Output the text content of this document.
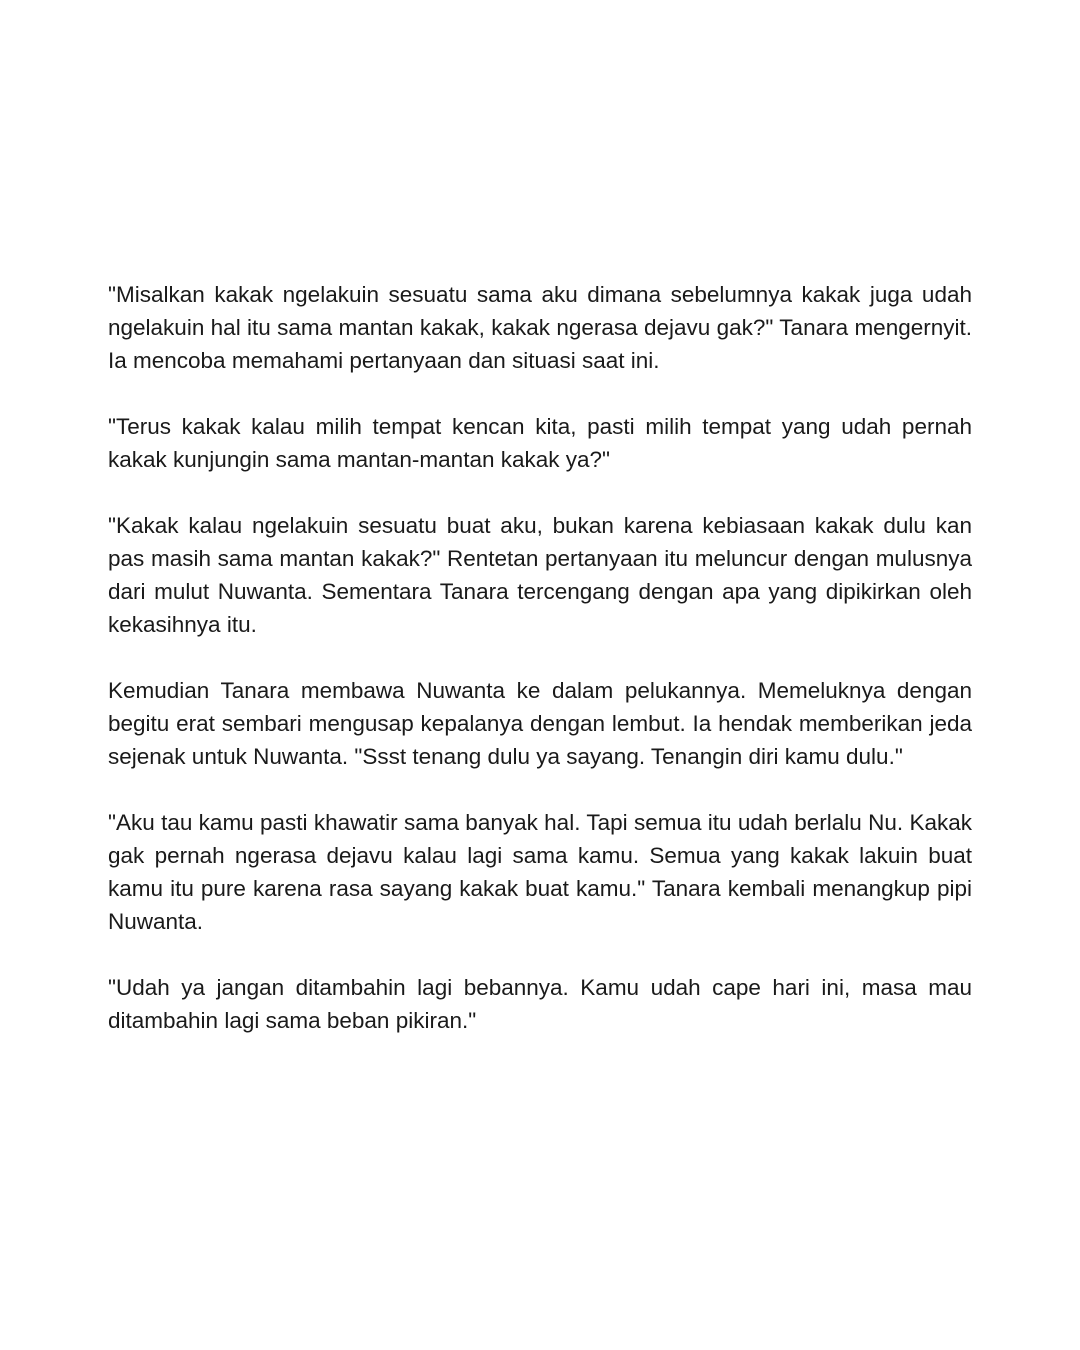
"Misalkan kakak ngelakuin sesuatu sama aku dimana sebelumnya kakak juga udah ngelakuin hal itu sama mantan kakak, kakak ngerasa dejavu gak?" Tanara mengernyit. Ia mencoba memahami pertanyaan dan situasi saat ini.

"Terus kakak kalau milih tempat kencan kita, pasti milih tempat yang udah pernah kakak kunjungin sama mantan-mantan kakak ya?"

"Kakak kalau ngelakuin sesuatu buat aku, bukan karena kebiasaan kakak dulu kan pas masih sama mantan kakak?" Rentetan pertanyaan itu meluncur dengan mulusnya dari mulut Nuwanta. Sementara Tanara tercengang dengan apa yang dipikirkan oleh kekasihnya itu.

Kemudian Tanara membawa Nuwanta ke dalam pelukannya. Memeluknya dengan begitu erat sembari mengusap kepalanya dengan lembut. Ia hendak memberikan jeda sejenak untuk Nuwanta. "Ssst tenang dulu ya sayang. Tenangin diri kamu dulu."

"Aku tau kamu pasti khawatir sama banyak hal. Tapi semua itu udah berlalu Nu. Kakak gak pernah ngerasa dejavu kalau lagi sama kamu. Semua yang kakak lakuin buat kamu itu pure karena rasa sayang kakak buat kamu." Tanara kembali menangkup pipi Nuwanta.

"Udah ya jangan ditambahin lagi bebannya. Kamu udah cape hari ini, masa mau ditambahin lagi sama beban pikiran."
